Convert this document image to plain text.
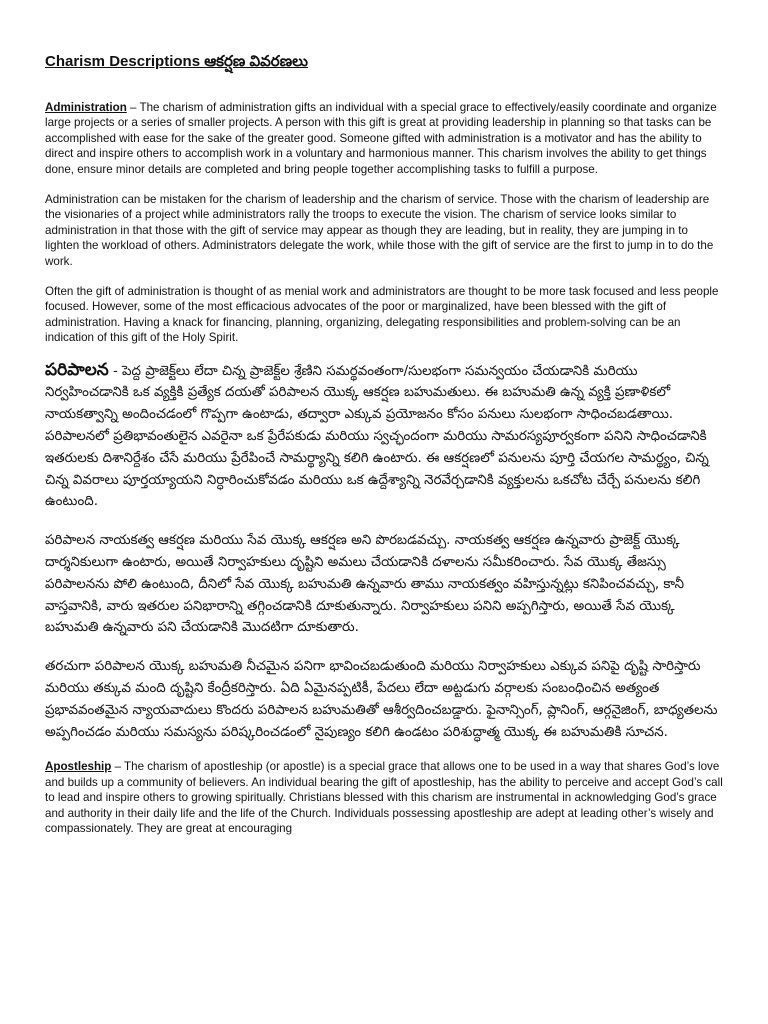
Charism Descriptions ఆకర్షణ వివరణలు

Administration – The charism of administration gifts an individual with a special grace to effectively/easily coordinate and organize large projects or a series of smaller projects. A person with this gift is great at providing leadership in planning so that tasks can be accomplished with ease for the sake of the greater good. Someone gifted with administration is a motivator and has the ability to direct and inspire others to accomplish work in a voluntary and harmonious manner. This charism involves the ability to get things done, ensure minor details are completed and bring people together accomplishing tasks to fulfill a purpose.

Administration can be mistaken for the charism of leadership and the charism of service. Those with the charism of leadership are the visionaries of a project while administrators rally the troops to execute the vision. The charism of service looks similar to administration in that those with the gift of service may appear as though they are leading, but in reality, they are jumping in to lighten the workload of others. Administrators delegate the work, while those with the gift of service are the first to jump in to do the work.

Often the gift of administration is thought of as menial work and administrators are thought to be more task focused and less people focused. However, some of the most efficacious advocates of the poor or marginalized, have been blessed with the gift of administration. Having a knack for financing, planning, organizing, delegating responsibilities and problem-solving can be an indication of this gift of the Holy Spirit.

పరిపాలన - పెద్ద ప్రాజెక్ట్‌లు లేదా చిన్న ప్రాజెక్ట్‌ల శ్రేణిని సమర్థవంతంగా/సులభంగా సమన్వయం చేయడానికి మరియు నిర్వహించడానికి ఒక వ్యక్తికి ప్రత్యేక దయతో పరిపాలన యొక్క ఆకర్షణ బహుమతులు. ఈ బహుమతి ఉన్న వ్యక్తి ప్రణాళికలో నాయకత్వాన్ని అందించడంలో గొప్పగా ఉంటాడు, తద్వారా ఎక్కువ ప్రయోజనం కోసం పనులు సులభంగా సాధించబడతాయి. పరిపాలనలో ప్రతిభావంతులైన ఎవరైనా ఒక ప్రేరేపకుడు మరియు స్వచ్ఛందంగా మరియు సామరస్యపూర్వకంగా పనిని సాధించడానికి ఇతరులకు దిశానిర్దేశం చేసే మరియు ప్రేరేపించే సామర్థ్యాన్ని కలిగి ఉంటారు. ఈ ఆకర్షణలో పనులను పూర్తి చేయగల సామర్థ్యం, చిన్న చిన్న వివరాలు పూర్తయ్యాయని నిర్ధారించుకోవడం మరియు ఒక ఉద్దేశ్యాన్ని నెరవేర్చడానికి వ్యక్తులను ఒకచోట చేర్చే పనులను కలిగి ఉంటుంది.

పరిపాలన నాయకత్వ ఆకర్షణ మరియు సేవ యొక్క ఆకర్షణ అని పొరబడవచ్చు. నాయకత్వ ఆకర్షణ ఉన్నవారు ప్రాజెక్ట్ యొక్క దార్శనికులుగా ఉంటారు, అయితే నిర్వాహకులు దృష్టిని అమలు చేయడానికి దళాలను సమీకరించారు. సేవ యొక్క తేజస్సు పరిపాలనను పోలి ఉంటుంది, దీనిలో సేవ యొక్క బహుమతి ఉన్నవారు తాము నాయకత్వం వహిస్తున్నట్లు కనిపించవచ్చు, కానీ వాస్తవానికి, వారు ఇతరుల పనిభారాన్ని తగ్గించడానికి దూకుతున్నారు. నిర్వాహకులు పనిని అప్పగిస్తారు, అయితే సేవ యొక్క బహుమతి ఉన్నవారు పని చేయడానికి మొదటిగా దూకుతారు.

తరచుగా పరిపాలన యొక్క బహుమతి నీచమైన పనిగా భావించబడుతుంది మరియు నిర్వాహకులు ఎక్కువ పనిపై దృష్టి సారిస్తారు మరియు తక్కువ మంది దృష్టిని కేంద్రీకరిస్తారు. ఏది ఏమైనప్పటికీ, పేదలు లేదా అట్టడుగు వర్గాలకు సంబంధించిన అత్యంత ప్రభావవంతమైన న్యాయవాదులు కొందరు పరిపాలన బహుమతితో ఆశీర్వదించబడ్డారు. ఫైనాన్సింగ్, ప్లానింగ్, ఆర్గనైజింగ్, బాధ్యతలను అప్పగించడం మరియు సమస్యను పరిష్కరించడంలో నైపుణ్యం కలిగి ఉండటం పరిశుద్ధాత్మ యొక్క ఈ బహుమతికి సూచన.

Apostleship – The charism of apostleship (or apostle) is a special grace that allows one to be used in a way that shares God’s love and builds up a community of believers. An individual bearing the gift of apostleship, has the ability to perceive and accept God’s call to lead and inspire others to growing spiritually. Christians blessed with this charism are instrumental in acknowledging God’s grace and authority in their daily life and the life of the Church. Individuals possessing apostleship are adept at leading other’s wisely and compassionately. They are great at encouraging
